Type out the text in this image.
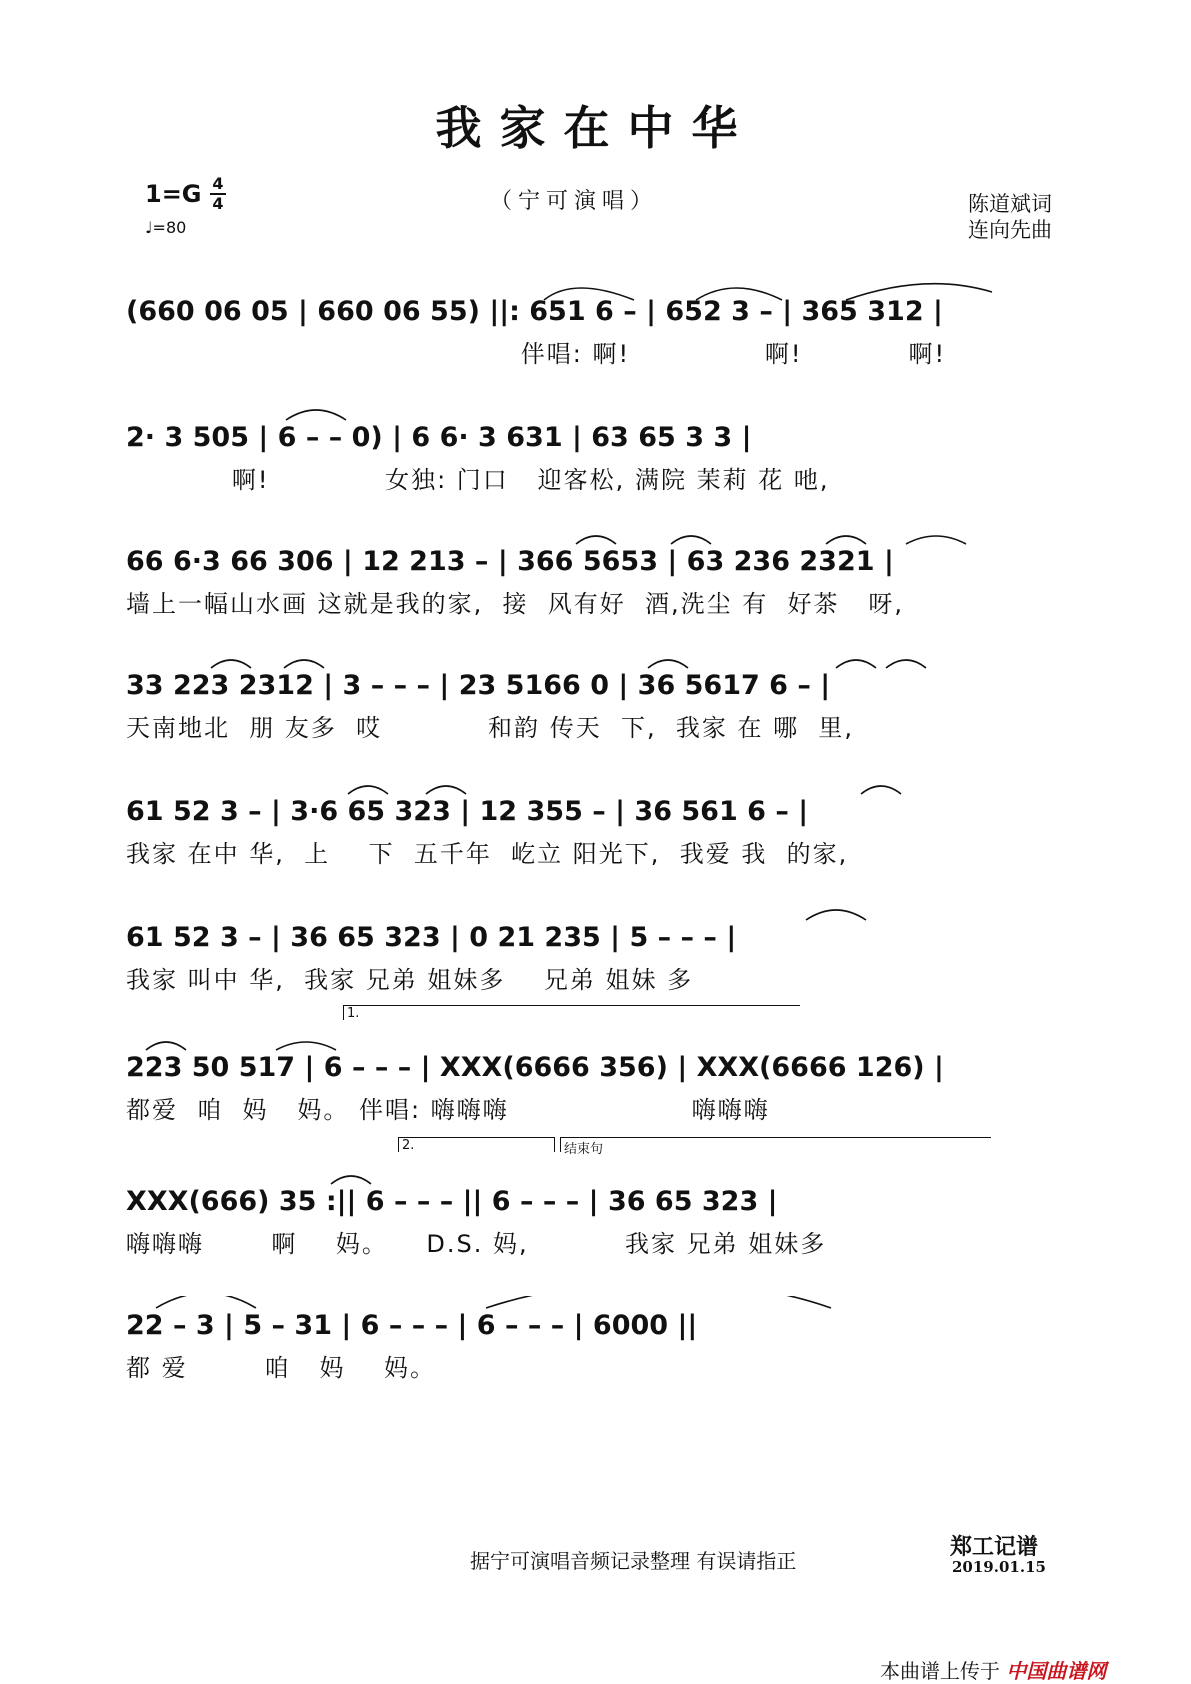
我家在中华
1=G 4
4
♩=80
（宁可演唱）	陈道斌词
连向先曲
(660 06 05 | 660 06 55) ||: 651 6 – | 652 3 – | 365 312 |
伴唱: 啊!              啊!           啊!
2· 3 505 | 6 – – 0) | 6 6· 3 631 | 63 65 3 3 |
啊!            女独: 门口   迎客松, 满院 茉莉 花 吔,
66 6·3 66 306 | 12 213 – | 366 5653 | 63 236 2321 |
墙上一幅山水画 这就是我的家,  接  风有好  酒,洗尘 有  好茶   呀,
33 223 2312 | 3 – – – | 23 5166 0 | 36 5617 6 – |
天南地北  朋 友多  哎           和韵 传天  下,  我家 在 哪  里,
61 52 3 – | 3·6 65 323 | 12 355 – | 36 561 6 – |
我家 在中 华,  上    下  五千年  屹立 阳光下,  我爱 我  的家,
61 52 3 – | 36 65 323 | 0 21 235 | 5 – – – |
我家 叫中 华,  我家 兄弟 姐妹多    兄弟 姐妹 多
1.
223 50 517 | 6 – – – | XXX(6666 356) | XXX(6666 126) |
都爱  咱  妈   妈。 伴唱: 嗨嗨嗨                   嗨嗨嗨
2.	结束句
XXX(666) 35 :|| 6 – – – || 6 – – – | 36 65 323 |
嗨嗨嗨       啊    妈。    D.S. 妈,          我家 兄弟 姐妹多
22 – 3 | 5 – 31 | 6 – – – | 6 – – – | 6000 ||
都 爱        咱   妈    妈。
据宁可演唱音频记录整理 有误请指正
郑工记谱
2019.01.15
本曲谱上传于 中国曲谱网
